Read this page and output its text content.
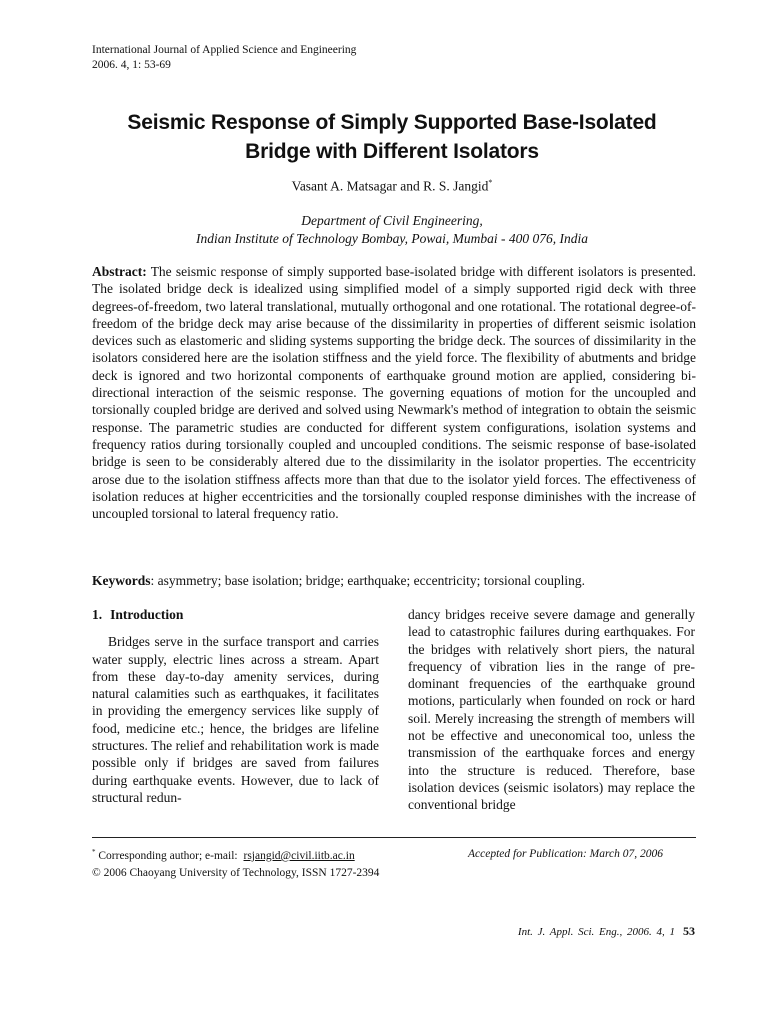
International Journal of Applied Science and Engineering
2006. 4, 1: 53-69
Seismic Response of Simply Supported Base-Isolated
Bridge with Different Isolators
Vasant A. Matsagar and R. S. Jangid*
Department of Civil Engineering,
Indian Institute of Technology Bombay, Powai, Mumbai - 400 076, India
Abstract: The seismic response of simply supported base-isolated bridge with different isolators is presented. The isolated bridge deck is idealized using simplified model of a simply supported rigid deck with three degrees-of-freedom, two lateral translational, mutually orthogonal and one rotational. The rotational degree-of-freedom of the bridge deck may arise because of the dissimilarity in properties of different seismic isolation devices such as elastomeric and sliding systems supporting the bridge deck. The sources of dissimilarity in the isolators considered here are the isolation stiffness and the yield force. The flexibility of abutments and bridge deck is ignored and two horizontal components of earthquake ground motion are applied, considering bi-directional interaction of the seismic response. The governing equations of motion for the uncoupled and torsionally coupled bridge are derived and solved using Newmark's method of integration to obtain the seismic response. The parametric studies are conducted for different system configurations, isolation systems and frequency ratios during torsionally coupled and uncoupled conditions. The seismic response of base-isolated bridge is seen to be considerably altered due to the dissimilarity in the isolator properties. The eccentricity arose due to the isolation stiffness affects more than that due to the isolator yield forces. The effectiveness of isolation reduces at higher eccentricities and the torsionally coupled response diminishes with the increase of uncoupled torsional to lateral frequency ratio.
Keywords: asymmetry; base isolation; bridge; earthquake; eccentricity; torsional coupling.
1. Introduction

Bridges serve in the surface transport and carries water supply, electric lines across a stream. Apart from these day-to-day amenity services, during natural calamities such as earthquakes, it facilitates in providing the emergency services like supply of food, medicine etc.; hence, the bridges are lifeline structures. The relief and rehabilitation work is made possible only if bridges are saved from failures during earthquake events. However, due to lack of structural redun-

dancy bridges receive severe damage and generally lead to catastrophic failures during earthquakes. For the bridges with relatively short piers, the natural frequency of vibration lies in the range of pre-dominant frequencies of the earthquake ground motions, particularly when founded on rock or hard soil. Merely increasing the strength of members will not be effective and uneconomical too, unless the transmission of the earthquake forces and energy into the structure is reduced. Therefore, base isolation devices (seismic isolators) may replace the conventional bridge

* Corresponding author; e-mail: rsjangid@civil.iitb.ac.in	Accepted for Publication: March 07, 2006
© 2006 Chaoyang University of Technology, ISSN 1727-2394
Int. J. Appl. Sci. Eng., 2006. 4, 1 53
